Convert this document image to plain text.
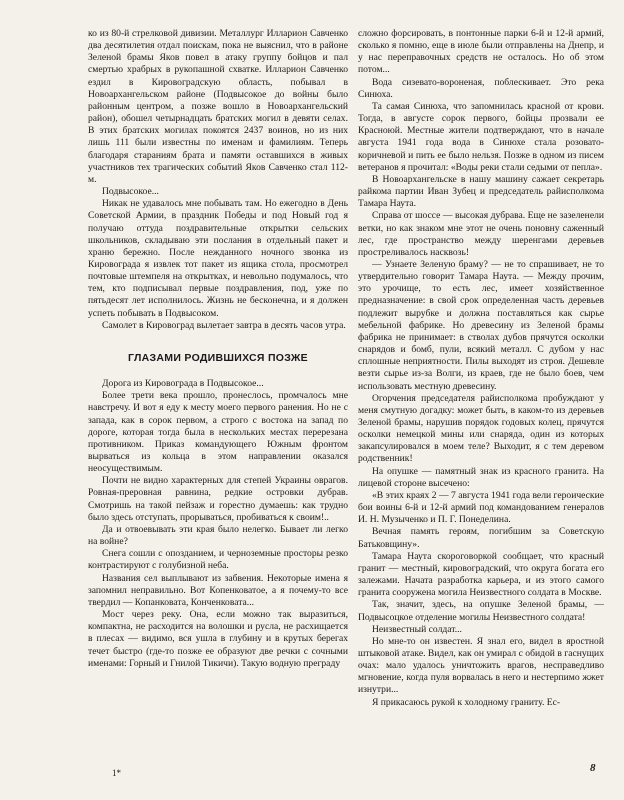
ко из 80-й стрелковой дивизии. Металлург Илларион Савченко два десятилетия отдал поискам, пока не выяснил, что в районе Зеленой брамы Яков повел в атаку группу бойцов и пал смертью храбрых в рукопашной схватке. Илларион Савченко ездил в Кировоградскую область, побывал в Новоархангельском районе (Подвысокое до войны было районным центром, а позже вошло в Новоархангельский район), обошел четырнадцать братских могил в девяти селах. В этих братских могилах покоятся 2437 воинов, но из них лишь 111 были известны по именам и фамилиям. Теперь благодаря стараниям брата и памяти оставшихся в живых участников тех трагических событий Яков Савченко стал 112-м.

Подвысокое...

Никак не удавалось мне побывать там. Но ежегодно в День Советской Армии, в праздник Победы и под Новый год я получаю оттуда поздравительные открытки сельских школьников, складываю эти послания в отдельный пакет и храню бережно. После нежданного ночного звонка из Кировограда я извлек тот пакет из ящика стола, просмотрел почтовые штемпеля на открытках, и невольно подумалось, что тем, кто подписывал первые поздравления, под, уже по пятьдесят лет исполнилось. Жизнь не бесконечна, и я должен успеть побывать в Подвысоком.

Самолет в Кировоград вылетает завтра в десять часов утра.

ГЛАЗАМИ РОДИВШИХСЯ ПОЗЖЕ

Дорога из Кировограда в Подвысокое...

Более трети века прошло, пронеслось, промчалось мне навстречу. И вот я еду к месту моего первого ранения. Но не с запада, как в сорок первом, а строго с востока на запад по дороге, которая тогда была в нескольких местах перерезана противником. Приказ командующего Южным фронтом вырваться из кольца в этом направлении оказался неосуществимым.

Почти не видно характерных для степей Украины оврагов. Ровная-преровная равнина, редкие островки дубрав. Смотришь на такой пейзаж и горестно думаешь: как трудно было здесь отступать, прорываться, пробиваться к своим!..

Да и отвоевывать эти края было нелегко. Бывает ли легко на войне?

Снега сошли с опозданием, и черноземные просторы резко контрастируют с голубизной неба.

Названия сел выплывают из забвения. Некоторые имена я запомнил неправильно. Вот Копенковатое, а я почему-то все твердил — Копанковата, Конченковата...

Мост через реку. Она, если можно так выразиться, компактна, не расходится на волошки и русла, не расхищается в плесах — видимо, вся ушла в глубину и в крутых берегах течет быстро (где-то позже ее образуют две речки с сочными именами: Горный и Гнилой Тикичи). Такую водную преграду

сложно форсировать, в понтонные парки 6-й и 12-й армий, сколько я помню, еще в июле были отправлены на Днепр, и у нас переправочных средств не осталось. Но об этом потом...

Вода сизевато-вороненая, поблескивает. Это река Синюха.

Та самая Синюха, что запомнилась красной от крови. Тогда, в августе сорок первого, бойцы прозвали ее Красноюй. Местные жители подтверждают, что в начале августа 1941 года вода в Синюхе стала розовато-коричневой и пить ее было нельзя. Позже в одном из писем ветеранов я прочитал: «Воды реки стали седыми от пепла».

В Новоархангельске в нашу машину сажает секретарь райкома партии Иван Зубец и председатель райисполкома Тамара Наута.

Справа от шоссе — высокая дубрава. Еще не зазеленели ветки, но как знаком мне этот не очень поновну саженный лес, где пространство между шеренгами деревьев простреливалось насквозь!

— Узнаете Зеленую браму? — не то спрашивает, не то утвердительно говорит Тамара Наута. — Между прочим, это урочище, то есть лес, имеет хозяйственное предназначение: в свой срок определенная часть деревьев подлежит вырубке и должна поставляться как сырье мебельной фабрике. Но древесину из Зеленой брамы фабрика не принимает: в стволах дубов прячутся осколки снарядов и бомб, пули, всякий металл. С дубом у нас сплошные неприятности. Пилы выходят из строя. Дешевле везти сырье из-за Волги, из краев, где не было боев, чем использовать местную древесину.

Огорчения председателя райисполкома пробуждают у меня смутную догадку: может быть, в каком-то из деревьев Зеленой брамы, нарушив порядок годовых колец, прячутся осколки немецкой мины или снаряда, один из которых закапсулировался в моем теле? Выходит, я с тем деревом родственник!

На опушке — памятный знак из красного гранита. На лицевой стороне высечено:

«В этих краях 2 — 7 августа 1941 года вели героические бои воины 6-й и 12-й армий под командованием генералов И. Н. Музыченко и П. Г. Понеделина.

Вечная память героям, погибшим за Советскую Батьковщину».

Тамара Наута скороговоркой сообщает, что красный гранит — местный, кировоградский, что округа богата его залежами. Начата разработка карьера, и из этого самого гранита сооружена могила Неизвестного солдата в Москве.

Так, значит, здесь, на опушке Зеленой брамы, — Подвысоцкое отделение могилы Неизвестного солдата!

Неизвестный солдат...

Но мне-то он известен. Я знал его, видел в яростной штыковой атаке. Видел, как он умирал с обидой в гаснущих очах: мало удалось уничтожить врагов, несправедливо мгновение, когда пуля ворвалась в него и нестерпимо жжет изнутри...

Я прикасаюсь рукой к холодному граниту. Ес-

1*	8
